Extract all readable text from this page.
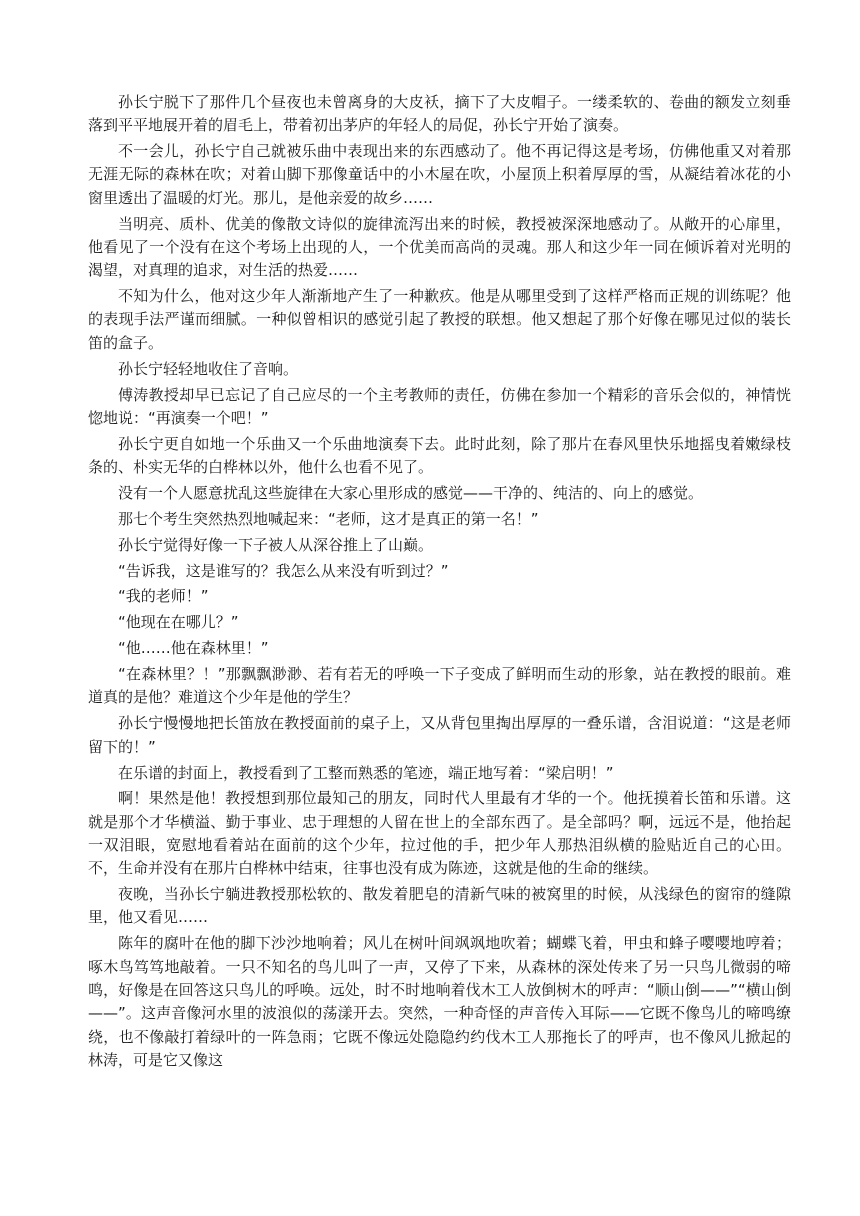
孙长宁脱下了那件几个昼夜也未曾离身的大皮袄，摘下了大皮帽子。一缕柔软的、卷曲的额发立刻垂落到平平地展开着的眉毛上，带着初出茅庐的年轻人的局促，孙长宁开始了演奏。

不一会儿，孙长宁自己就被乐曲中表现出来的东西感动了。他不再记得这是考场，仿佛他重又对着那无涯无际的森林在吹；对着山脚下那像童话中的小木屋在吹，小屋顶上积着厚厚的雪，从凝结着冰花的小窗里透出了温暖的灯光。那儿，是他亲爱的故乡……

当明亮、质朴、优美的像散文诗似的旋律流泻出来的时候，教授被深深地感动了。从敞开的心扉里，他看见了一个没有在这个考场上出现的人，一个优美而高尚的灵魂。那人和这少年一同在倾诉着对光明的渴望，对真理的追求，对生活的热爱……

不知为什么，他对这少年人渐渐地产生了一种歉疚。他是从哪里受到了这样严格而正规的训练呢？他的表现手法严谨而细腻。一种似曾相识的感觉引起了教授的联想。他又想起了那个好像在哪见过似的装长笛的盒子。

孙长宁轻轻地收住了音响。

傅涛教授却早已忘记了自己应尽的一个主考教师的责任，仿佛在参加一个精彩的音乐会似的，神情恍惚地说：“再演奏一个吧！”

孙长宁更自如地一个乐曲又一个乐曲地演奏下去。此时此刻，除了那片在春风里快乐地摇曳着嫩绿枝条的、朴实无华的白桦林以外，他什么也看不见了。

没有一个人愿意扰乱这些旋律在大家心里形成的感觉——干净的、纯洁的、向上的感觉。

那七个考生突然热烈地喊起来：“老师，这才是真正的第一名！”

孙长宁觉得好像一下子被人从深谷推上了山巅。

“告诉我，这是谁写的？我怎么从来没有听到过？”

“我的老师！”

“他现在在哪儿？”

“他……他在森林里！”

“在森林里？！”那飘飘渺渺、若有若无的呼唤一下子变成了鲜明而生动的形象，站在教授的眼前。难道真的是他？难道这个少年是他的学生？

孙长宁慢慢地把长笛放在教授面前的桌子上，又从背包里掏出厚厚的一叠乐谱，含泪说道：“这是老师留下的！”

在乐谱的封面上，教授看到了工整而熟悉的笔迹，端正地写着：“梁启明！”

啊！果然是他！教授想到那位最知己的朋友，同时代人里最有才华的一个。他抚摸着长笛和乐谱。这就是那个才华横溢、勤于事业、忠于理想的人留在世上的全部东西了。是全部吗？啊，远远不是，他抬起一双泪眼，宽慰地看着站在面前的这个少年，拉过他的手，把少年人那热泪纵横的脸贴近自己的心田。不，生命并没有在那片白桦林中结束，往事也没有成为陈迹，这就是他的生命的继续。

夜晚，当孙长宁躺进教授那松软的、散发着肥皂的清新气味的被窝里的时候，从浅绿色的窗帘的缝隙里，他又看见……

陈年的腐叶在他的脚下沙沙地响着；风儿在树叶间飒飒地吹着；蝴蝶飞着，甲虫和蜂子嘤嘤地哼着；啄木鸟笃笃地敲着。一只不知名的鸟儿叫了一声，又停了下来，从森林的深处传来了另一只鸟儿微弱的啼鸣，好像是在回答这只鸟儿的呼唤。远处，时不时地响着伐木工人放倒树木的呼声：“顺山倒——”“横山倒——”。这声音像河水里的波浪似的荡漾开去。突然，一种奇怪的声音传入耳际——它既不像鸟儿的啼鸣缭绕，也不像敲打着绿叶的一阵急雨；它既不像远处隐隐约约伐木工人那拖长了的呼声，也不像风儿掀起的林涛，可是它又像这
